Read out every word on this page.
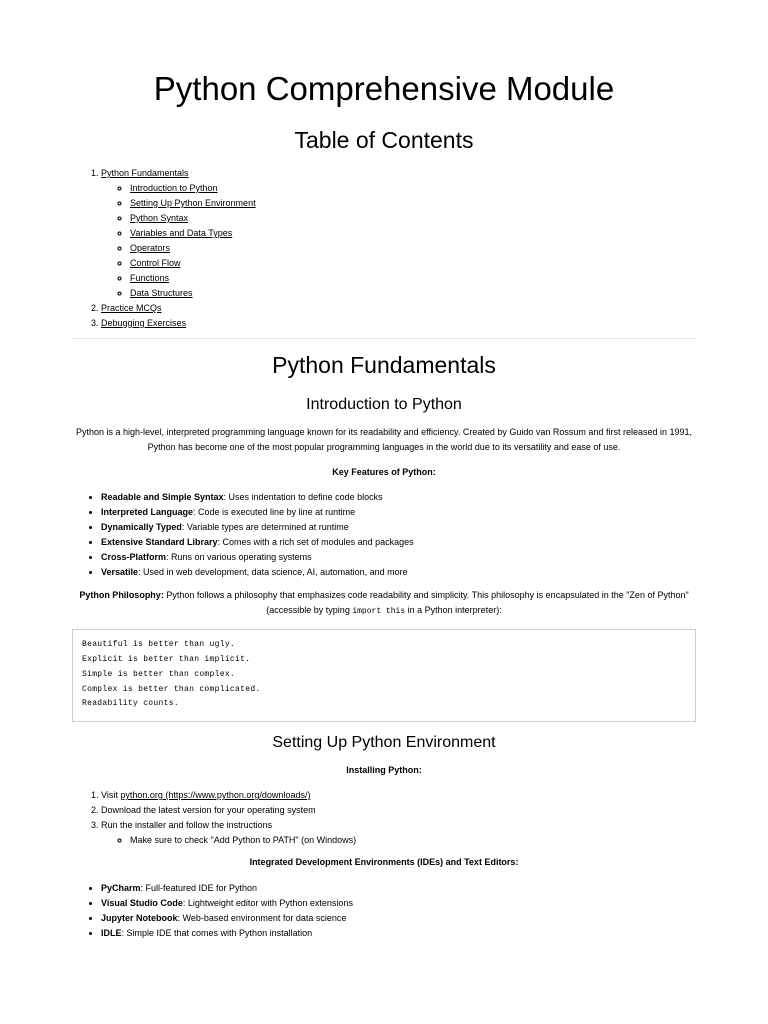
Python Comprehensive Module
Table of Contents
1. Python Fundamentals
◦ Introduction to Python
◦ Setting Up Python Environment
◦ Python Syntax
◦ Variables and Data Types
◦ Operators
◦ Control Flow
◦ Functions
◦ Data Structures
2. Practice MCQs
3. Debugging Exercises
Python Fundamentals
Introduction to Python

Python is a high-level, interpreted programming language known for its readability and efficiency. Created by Guido van Rossum and first released in 1991, Python has become one of the most popular programming languages in the world due to its versatility and ease of use.

Key Features of Python:

• Readable and Simple Syntax: Uses indentation to define code blocks
• Interpreted Language: Code is executed line by line at runtime
• Dynamically Typed: Variable types are determined at runtime
• Extensive Standard Library: Comes with a rich set of modules and packages
• Cross-Platform: Runs on various operating systems
• Versatile: Used in web development, data science, AI, automation, and more

Python Philosophy: Python follows a philosophy that emphasizes code readability and simplicity. This philosophy is encapsulated in the "Zen of Python" (accessible by typing import this in a Python interpreter):

Beautiful is better than ugly.
Explicit is better than implicit.
Simple is better than complex.
Complex is better than complicated.
Readability counts.
Setting Up Python Environment

Installing Python:

1. Visit python.org (https://www.python.org/downloads/)
2. Download the latest version for your operating system
3. Run the installer and follow the instructions
◦ Make sure to check "Add Python to PATH" (on Windows)

Integrated Development Environments (IDEs) and Text Editors:

• PyCharm: Full-featured IDE for Python
• Visual Studio Code: Lightweight editor with Python extensions
• Jupyter Notebook: Web-based environment for data science
• IDLE: Simple IDE that comes with Python installation
